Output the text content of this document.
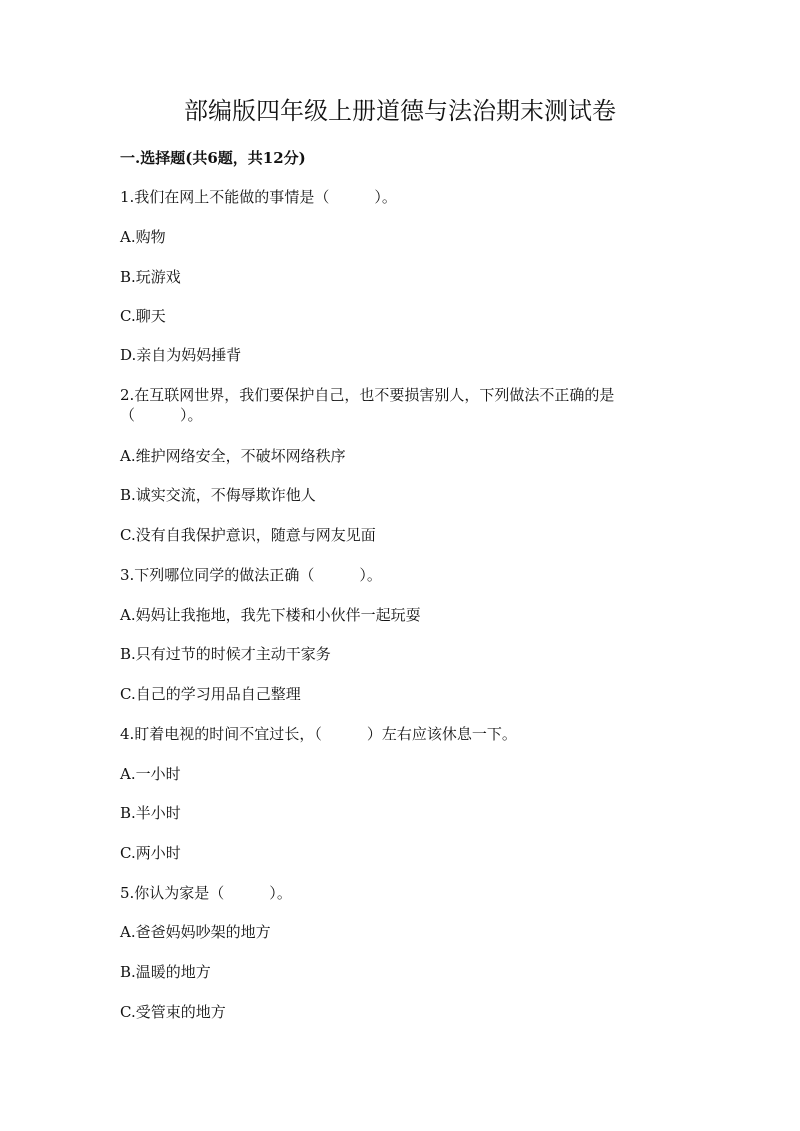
部编版四年级上册道德与法治期末测试卷
一.选择题(共6题，共12分)
1.我们在网上不能做的事情是（　　　）。
A.购物
B.玩游戏
C.聊天
D.亲自为妈妈捶背
2.在互联网世界，我们要保护自己，也不要损害别人，下列做法不正确的是（　　　）。
A.维护网络安全，不破坏网络秩序
B.诚实交流，不侮辱欺诈他人
C.没有自我保护意识，随意与网友见面
3.下列哪位同学的做法正确（　　　）。
A.妈妈让我拖地，我先下楼和小伙伴一起玩耍
B.只有过节的时候才主动干家务
C.自己的学习用品自己整理
4.盯着电视的时间不宜过长，（　　　）左右应该休息一下。
A.一小时
B.半小时
C.两小时
5.你认为家是（　　　）。
A.爸爸妈妈吵架的地方
B.温暖的地方
C.受管束的地方
